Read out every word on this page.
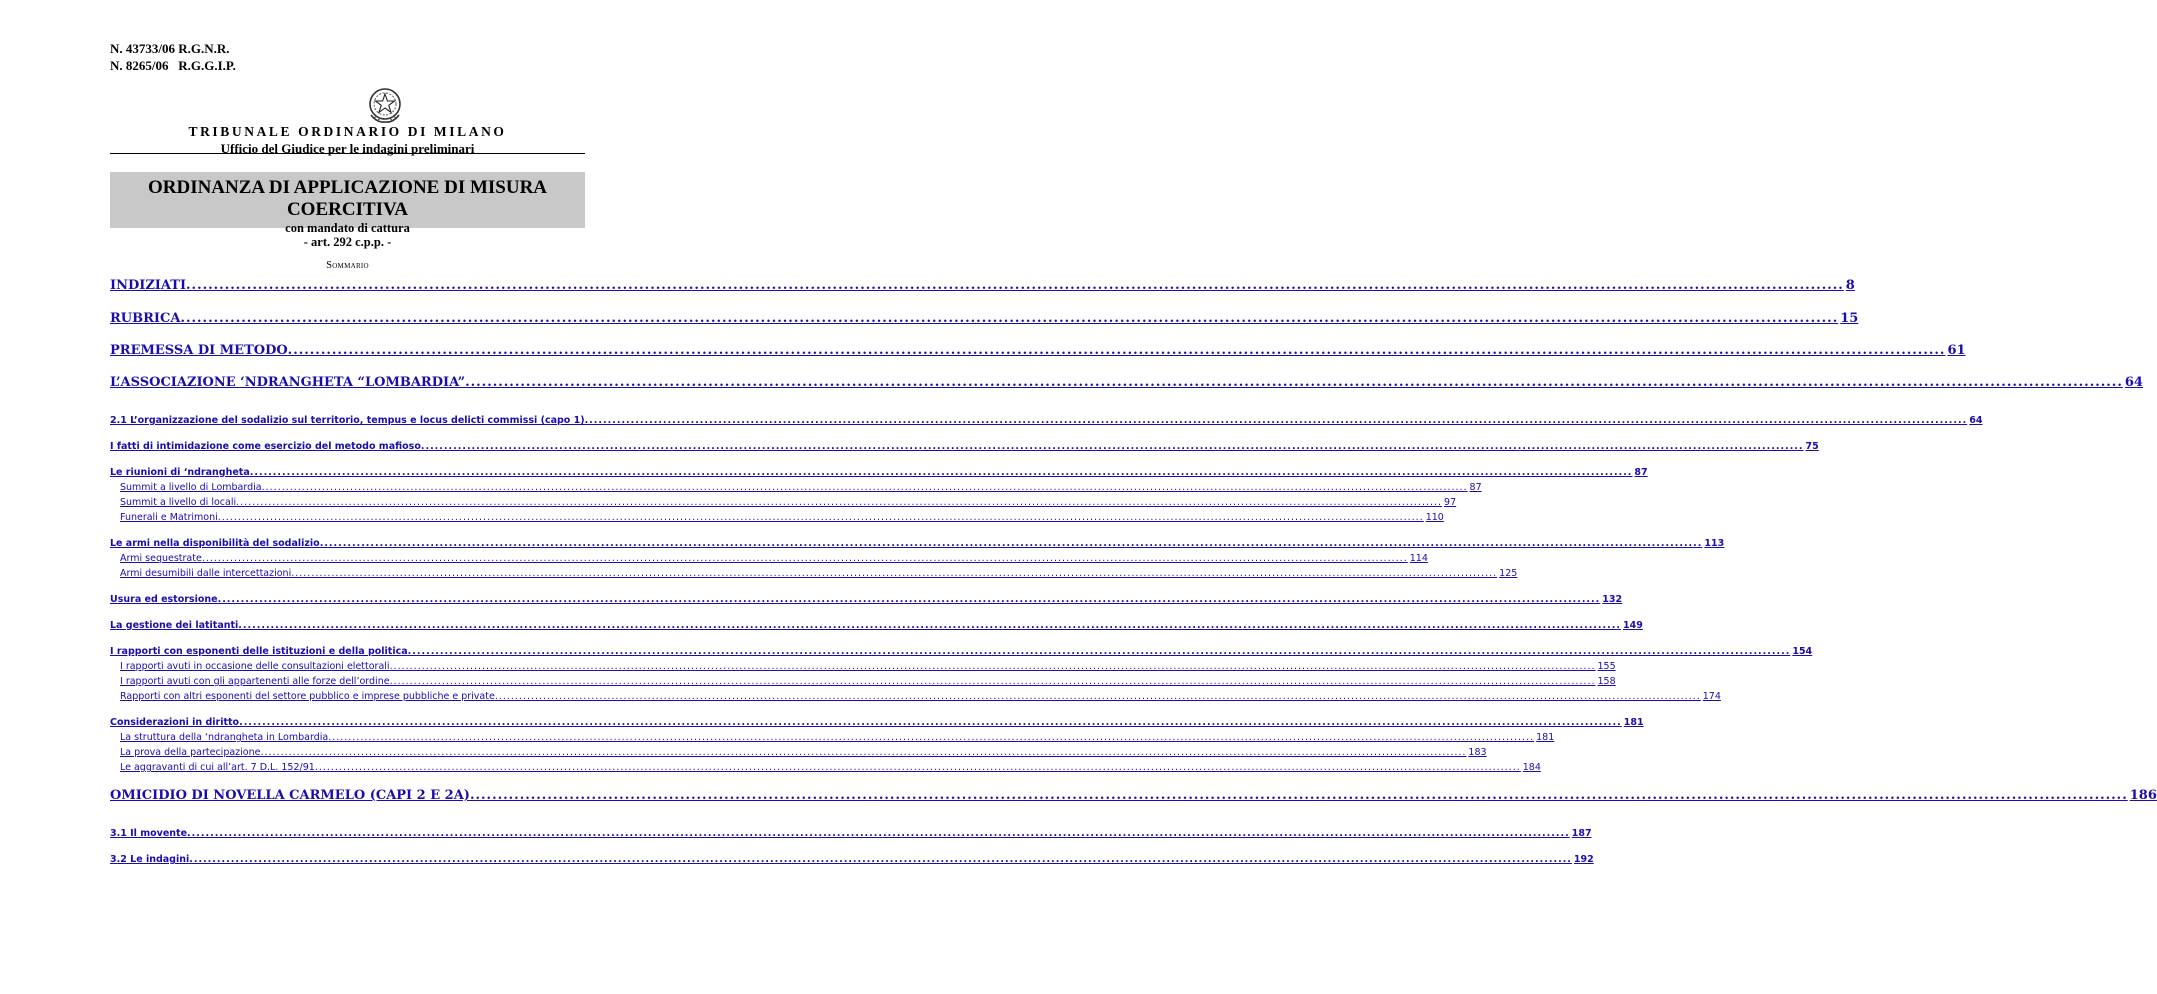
N. 43733/06 R.G.N.R.
N. 8265/06   R.G.G.I.P.
TRIBUNALE ORDINARIO DI MILANO
Ufficio del Giudice per le indagini preliminari
ORDINANZA DI APPLICAZIONE DI MISURA COERCITIVA
con mandato di cattura
- art. 292 c.p.p. -
Sommario
INDIZIATI ............................................................................................................................................................................................................................................................................................................ 8
RUBRICA ............................................................................................................................................................................................................................................................................................................ 15
PREMESSA DI METODO ............................................................................................................................................................................................................................................................................................................ 61
L’ASSOCIAZIONE ‘NDRANGHETA “LOMBARDIA” ............................................................................................................................................................................................................................................................................................................ 64
2.1 L’organizzazione del sodalizio sul territorio, tempus e locus delicti commissi (capo 1) ............................................................................................................................................................................................................................................................................................................ 64
I fatti di intimidazione come esercizio del metodo mafioso ............................................................................................................................................................................................................................................................................................................ 75
Le riunioni di ‘ndrangheta ............................................................................................................................................................................................................................................................................................................ 87
Summit a livello di Lombardia ............................................................................................................................................................................................................................................................................................................ 87
Summit a livello di locali ............................................................................................................................................................................................................................................................................................................ 97
Funerali e Matrimoni ............................................................................................................................................................................................................................................................................................................ 110
Le armi nella disponibilità del sodalizio ............................................................................................................................................................................................................................................................................................................ 113
Armi sequestrate ............................................................................................................................................................................................................................................................................................................ 114
Armi desumibili dalle intercettazioni ............................................................................................................................................................................................................................................................................................................ 125
Usura ed estorsione ............................................................................................................................................................................................................................................................................................................ 132
La gestione dei latitanti ............................................................................................................................................................................................................................................................................................................ 149
I rapporti con esponenti delle istituzioni e della politica ............................................................................................................................................................................................................................................................................................................ 154
I rapporti avuti in occasione delle consultazioni elettorali ............................................................................................................................................................................................................................................................................................................ 155
I rapporti avuti con gli appartenenti alle forze dell’ordine ............................................................................................................................................................................................................................................................................................................ 158
Rapporti con altri esponenti del settore pubblico e imprese pubbliche e private ............................................................................................................................................................................................................................................................................................................ 174
Considerazioni in diritto ............................................................................................................................................................................................................................................................................................................ 181
La struttura della ‘ndrangheta in Lombardia ............................................................................................................................................................................................................................................................................................................ 181
La prova della partecipazione ............................................................................................................................................................................................................................................................................................................ 183
Le aggravanti di cui all’art. 7 D.L. 152/91 ............................................................................................................................................................................................................................................................................................................ 184
OMICIDIO DI NOVELLA CARMELO (CAPI 2 E 2A) ............................................................................................................................................................................................................................................................................................................ 186
3.1 Il movente ............................................................................................................................................................................................................................................................................................................ 187
3.2 Le indagini ............................................................................................................................................................................................................................................................................................................ 192
